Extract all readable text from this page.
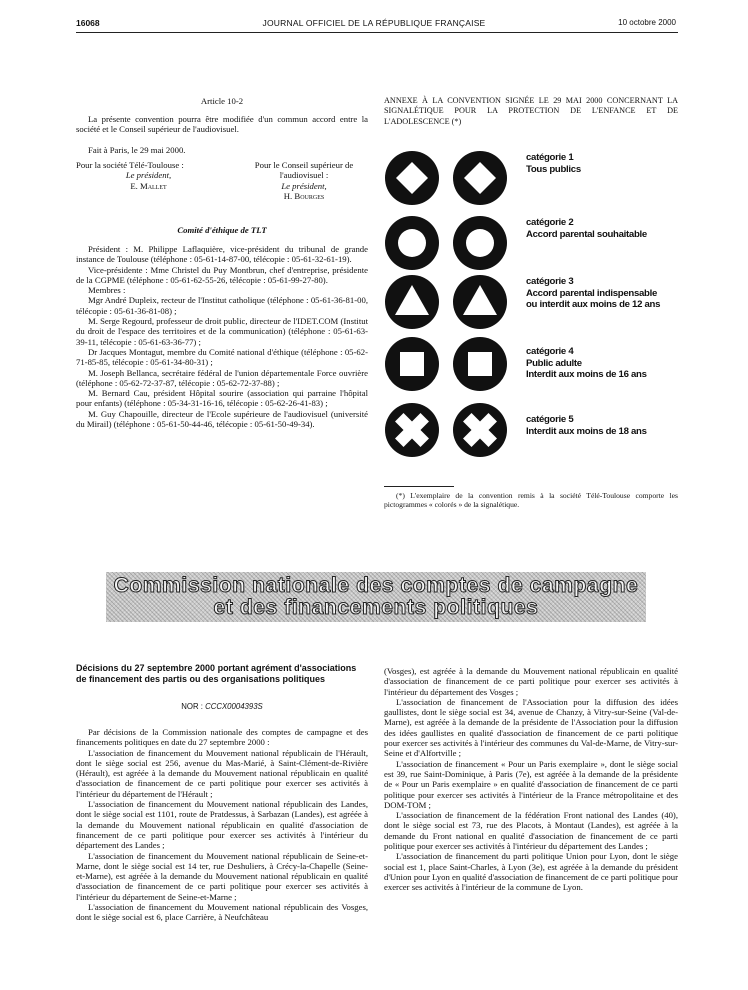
16068	JOURNAL OFFICIEL DE LA RÉPUBLIQUE FRANÇAISE	10 octobre 2000
Article 10-2

La présente convention pourra être modifiée d'un commun accord entre la société et le Conseil supérieur de l'audiovisuel.

Fait à Paris, le 29 mai 2000.

Pour la société Télé-Toulouse :
Le président,
E. Mallet
Pour le Conseil supérieur de l'audiovisuel :
Le président,
H. Bourges
Comité d'éthique de TLT

Président : M. Philippe Laflaquière, vice-président du tribunal de grande instance de Toulouse (téléphone : 05-61-14-87-00, télécopie : 05-61-32-61-19).

Vice-présidente : Mme Christel du Puy Montbrun, chef d'entreprise, présidente de la CGPME (téléphone : 05-61-62-55-26, télécopie : 05-61-99-27-80).

Membres :

Mgr André Dupleix, recteur de l'Institut catholique (téléphone : 05-61-36-81-00, télécopie : 05-61-36-81-08) ;

M. Serge Regourd, professeur de droit public, directeur de l'IDET.COM (Institut du droit de l'espace des territoires et de la communication) (téléphone : 05-61-63-39-11, télécopie : 05-61-63-36-77) ;

Dr Jacques Montagut, membre du Comité national d'éthique (téléphone : 05-62-71-85-85, télécopie : 05-61-34-80-31) ;

M. Joseph Bellanca, secrétaire fédéral de l'union départementale Force ouvrière (téléphone : 05-62-72-37-87, télécopie : 05-62-72-37-88) ;

M. Bernard Cau, président Hôpital sourire (association qui parraine l'hôpital pour enfants) (téléphone : 05-34-31-16-16, télécopie : 05-62-26-41-83) ;

M. Guy Chapouille, directeur de l'Ecole supérieure de l'audiovisuel (université du Mirail) (téléphone : 05-61-50-44-46, télécopie : 05-61-50-49-34).

ANNEXE À LA CONVENTION SIGNÉE LE 29 MAI 2000 CONCERNANT LA SIGNALÉTIQUE POUR LA PROTECTION DE L'ENFANCE ET DE L'ADOLESCENCE (*)

catégorie 1
Tous publics
catégorie 2
Accord parental souhaitable
catégorie 3
Accord parental indispensable
ou interdit aux moins de 12 ans
catégorie 4
Public adulte
Interdit aux moins de 16 ans
catégorie 5
Interdit aux moins de 18 ans

(*) L'exemplaire de la convention remis à la société Télé-Toulouse comporte les pictogrammes « colorés » de la signalétique.

Commission nationale des comptes de campagne
et des financements politiques

Décisions du 27 septembre 2000 portant agrément d'associations de financement des partis ou des organisations politiques

NOR : CCCX0004393S

Par décisions de la Commission nationale des comptes de campagne et des financements politiques en date du 27 septembre 2000 :

L'association de financement du Mouvement national républicain de l'Hérault, dont le siège social est 256, avenue du Mas-Marié, à Saint-Clément-de-Rivière (Hérault), est agréée à la demande du Mouvement national républicain en qualité d'association de financement de ce parti politique pour exercer ses activités à l'intérieur du département de l'Hérault ;

L'association de financement du Mouvement national républicain des Landes, dont le siège social est 1101, route de Pratdessus, à Sarbazan (Landes), est agréée à la demande du Mouvement national républicain en qualité d'association de financement de ce parti politique pour exercer ses activités à l'intérieur du département des Landes ;

L'association de financement du Mouvement national républicain de Seine-et-Marne, dont le siège social est 14 ter, rue Deshuliers, à Crécy-la-Chapelle (Seine-et-Marne), est agréée à la demande du Mouvement national républicain en qualité d'association de financement de ce parti politique pour exercer ses activités à l'intérieur du département de Seine-et-Marne ;

L'association de financement du Mouvement national républicain des Vosges, dont le siège social est 6, place Carrière, à Neufchâteau

(Vosges), est agréée à la demande du Mouvement national républicain en qualité d'association de financement de ce parti politique pour exercer ses activités à l'intérieur du département des Vosges ;

L'association de financement de l'Association pour la diffusion des idées gaullistes, dont le siège social est 34, avenue de Chanzy, à Vitry-sur-Seine (Val-de-Marne), est agréée à la demande de la présidente de l'Association pour la diffusion des idées gaullistes en qualité d'association de financement de ce parti politique pour exercer ses activités à l'intérieur des communes du Val-de-Marne, de Vitry-sur-Seine et d'Alfortville ;

L'association de financement « Pour un Paris exemplaire », dont le siège social est 39, rue Saint-Dominique, à Paris (7e), est agréée à la demande de la présidente de « Pour un Paris exemplaire » en qualité d'association de financement de ce parti politique pour exercer ses activités à l'intérieur de la France métropolitaine et des DOM-TOM ;

L'association de financement de la fédération Front national des Landes (40), dont le siège social est 73, rue des Placots, à Montaut (Landes), est agréée à la demande du Front national en qualité d'association de financement de ce parti politique pour exercer ses activités à l'intérieur du département des Landes ;

L'association de financement du parti politique Union pour Lyon, dont le siège social est 1, place Saint-Charles, à Lyon (3e), est agréée à la demande du président d'Union pour Lyon en qualité d'association de financement de ce parti politique pour exercer ses activités à l'intérieur de la commune de Lyon.
